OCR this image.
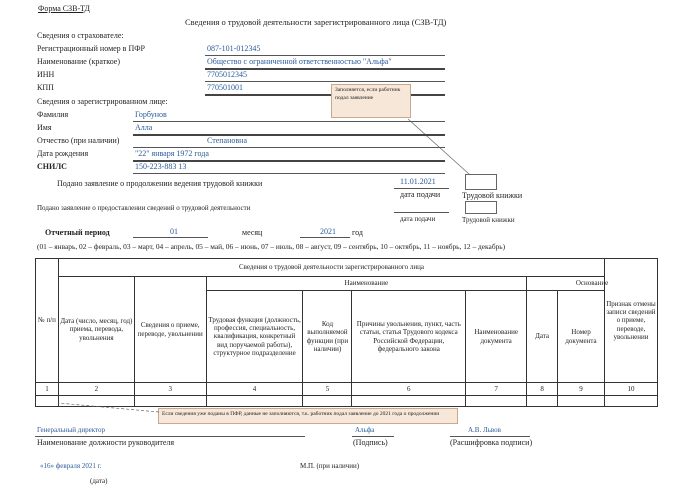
Форма СЗВ-ТД
Сведения о трудовой деятельности зарегистрированного лица (СЗВ-ТД)
Сведения о страхователе:
Регистрационный номер в ПФР	087-101-012345
Наименование (краткое)	Общество с ограниченной ответственностью "Альфа"
ИНН	7705012345
КПП	770501001	Заполняется, если работник подал заявление
Сведения о зарегистрированном лице:
Фамилия	Горбунов
Имя	Алла
Отчество (при наличии)	Степановна
Дата рождения	"22" января 1972 года
СНИЛС	150-223-883 13
Подано заявление о продолжении ведения трудовой книжки	11.01.2021
дата подачи	Трудовой книжки
Подано заявление о предоставлении сведений о трудовой деятельности
дата подачи	Трудовой книжки
Отчетный период	01	месяц	2021 год
(01 – январь, 02 – февраль, 03 – март, 04 – апрель, 05 – май, 06 – июнь, 07 – июль, 08 – август, 09 – сентябрь, 10 – октябрь, 11 – ноябрь, 12 – декабрь)
№ п/п	Сведения о трудовой деятельности зарегистрированного лица								Признак отмены записи сведений о приеме, переводе, увольнении
	Дата (число, месяц, год) приема, перевода, увольнения	Сведения о приеме, переводе, увольнении	Наименование				Основание		
			Трудовая функция (должность, профессия, специальность, квалификация, конкретный вид поручаемой работы), структурное подразделение	Код выполняемой функции (при наличии)	Причины увольнения, пункт, часть статьи, статья Трудового кодекса Российской Федерации, федерального закона	Наименование документа	Дата	Номер документа	
1	2	3	4	5	6	7	8	9	10

Если сведения уже поданы в ПФР, данные не заполняются, т.к. работник подал заявление до 2021 года о продолжении
Генеральный директор
Наименование должности руководителя
Альфа
(Подпись)
А.В. Львов
(Расшифровка подписи)
«16» февраля 2021 г.	М.П. (при наличии)
(дата)
